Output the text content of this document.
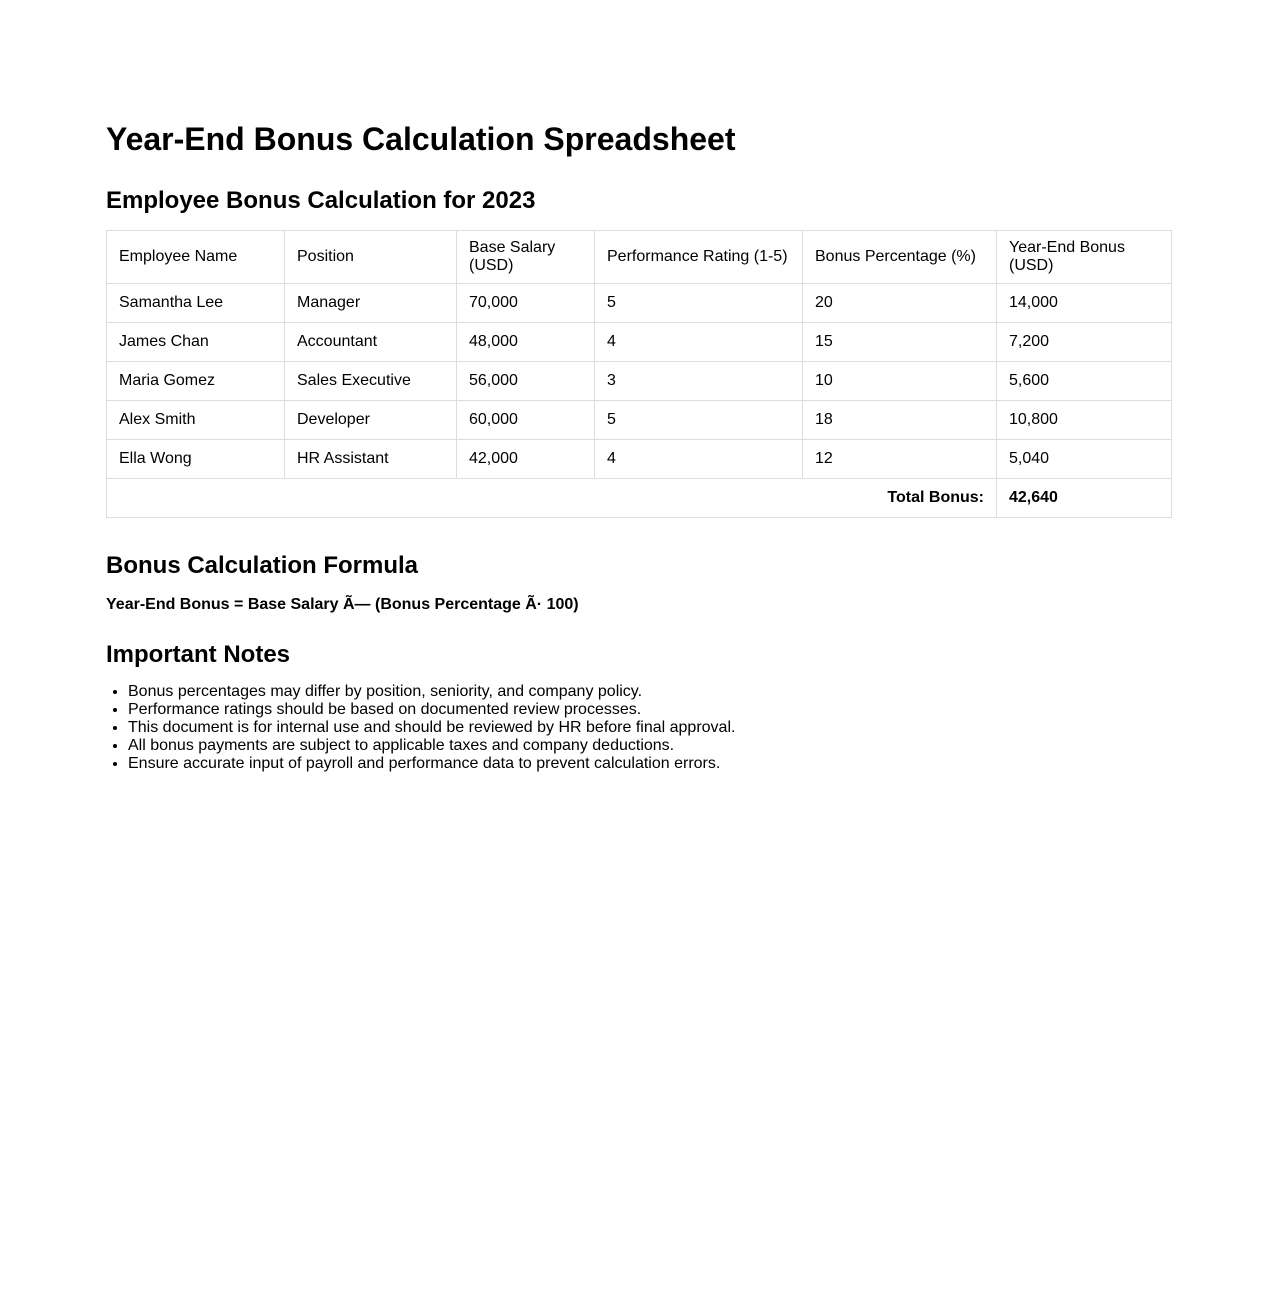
Year-End Bonus Calculation Spreadsheet
Employee Bonus Calculation for 2023
Employee Name	Position	Base Salary (USD)	Performance Rating (1-5)	Bonus Percentage (%)	Year-End Bonus (USD)
Samantha Lee	Manager	70,000	5	20	14,000
James Chan	Accountant	48,000	4	15	7,200
Maria Gomez	Sales Executive	56,000	3	10	5,600
Alex Smith	Developer	60,000	5	18	10,800
Ella Wong	HR Assistant	42,000	4	12	5,040
Total Bonus:					42,640
Bonus Calculation Formula
Year-End Bonus = Base Salary Ã— (Bonus Percentage Ã· 100)
Important Notes
• Bonus percentages may differ by position, seniority, and company policy.
• Performance ratings should be based on documented review processes.
• This document is for internal use and should be reviewed by HR before final approval.
• All bonus payments are subject to applicable taxes and company deductions.
• Ensure accurate input of payroll and performance data to prevent calculation errors.
